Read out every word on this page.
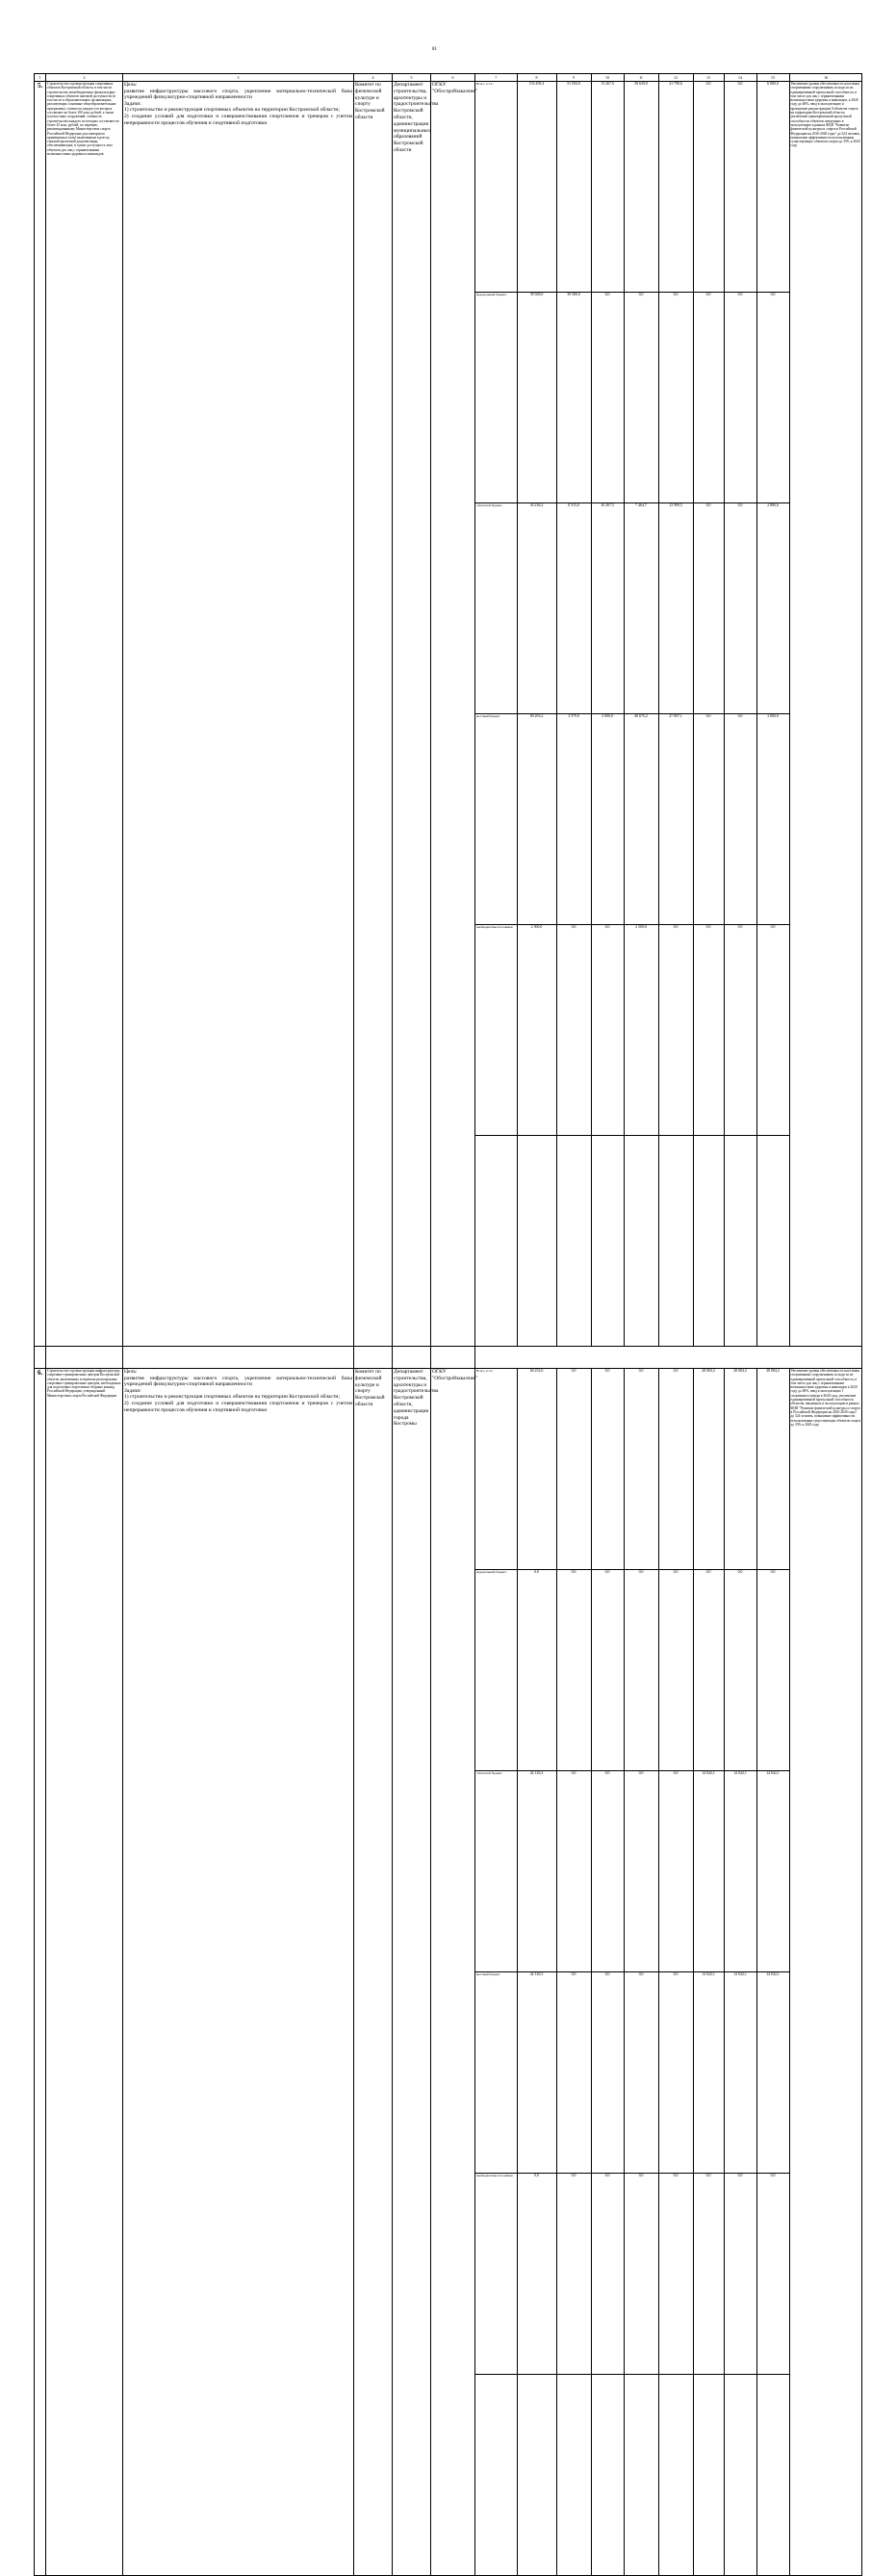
81
1	2	3	4	5	6		7	8	9	10	11	12	13	14	15	16

5.	Строительство и реконструкция спортивных объектов Костромской области, в том числе строительство малобюджетных физкультурно-спортивных объектов шаговой доступности (в том числе в образовательных организациях, реализующих основные общеобразовательные программы), стоимость каждого из которых составляет не более 100 млн. рублей, а также плоскостных сооружений, стоимость строительства каждого из которых составляет не более 25 млн. рублей, по перечню, рекомендованному Министерством спорта Российской Федерации для повторного применения и (или) включенным в реестр типовой проектной документации, обеспечивающих, в сумме доступность этих объектов для лиц с ограниченными возможностями здоровья и инвалидов	
Цель:
развитие инфраструктуры массового спорта, укрепление материально-технической базы учреждений физкультурно-спортивной направленности
Задачи:
1) строительство и реконструкция спортивных объектов на территории Костромской области;
2) создание условий для подготовки и совершенствования спортсменов и тренеров с учетом непрерывности процессов обучения и спортивной подготовки
	Комитет по физической культуре и спорту Костромской области	Департамент строительства, архитектуры и градостроительства Костромской области, администрации муниципальных образований Костромской области	ОГКУ "Облстройзаказчик"	
Всего, в т.ч.:	155 459,4	51 594,9	13 267,5	50 639,9	41 790,6	0,0	0,0	6 000,0	Увеличение уровня обеспеченности населения спортивными сооружениями, исходя из их единовременной пропускной способности, в том числе для лиц с ограниченными возможностями здоровья и инвалидов, к 2020 году до 48%, ввод в эксплуатацию и проведение реконструкции 9 объектов спорта на территории Костромской области, увеличение единовременной пропускной способности объектов, введенных в эксплуатацию в рамках ФЦП "Развитие физической культуры и спорта в Российской Федерации на 2016-2020 годы" до 324 человек, повышение эффективности использования существующих объектов спорта до 35% к 2020 году
федеральный бюджет	39 500,0	39 500,0	0,0	0,0	0,0	0,0	0,0	0,0
областной бюджет	43 236,2	8 515,0	10 267,5	7 464,7	13 989,5	0,0	0,0	2 880,0
местный бюджет	90 203,2	3 579,9	3 000,0	40 675,2	27 807,1	0,0	0,0	3 000,0
внебюджетные источники	2 500,0	0,0	0,0	2 500,0	0,0	0,0	0,0	0,0

6.	Строительство и реконструкция инфраструктуры спортивно-тренировочных центров Костромской области, включенных в перечень региональных спортивно-тренировочных центров, необходимых для подготовки спортсменов сборных команд Российской Федерации, утвержденный Министерством спорта Российской Федерации	
Цель:
развитие инфраструктуры массового спорта, укрепление материально-технической базы учреждений физкультурно-спортивной направленности
Задачи:
1) строительство и реконструкция спортивных объектов на территории Костромской области;
2) создание условий для подготовки и совершенствования спортсменов и тренеров с учетом непрерывности процессов обучения и спортивной подготовки
	Комитет по физической культуре и спорту Костромской области	Департамент строительства, архитектуры и градостроительства Костромской области, администрация города Костромы	ОГКУ "Облстройзаказчик"	
Всего, в т.ч.:	84 252,6	0,0	0,0	0,0	0,0	28 084,2	28 084,2	28 084,2	Увеличение уровня обеспеченности населения спортивными сооружениями, исходя из их единовременной пропускной способности, в том числе для лиц с ограниченными возможностями здоровья и инвалидов к 2020 году до 48%, ввод в эксплуатацию 1 спортивного центра в 2020 году, увеличение единовременной пропускной способности объектов, введенных в эксплуатацию в рамках ФЦП "Развитие физической культуры и спорта в Российской Федерации на 2016-2020 годы", до 324 человек, повышение эффективности использования существующих объектов спорта до 35% к 2020 году
федеральный бюджет	0,0	0,0	0,0	0,0	0,0	0,0	0,0	0,0
областной бюджет	42 126,3	0,0	0,0	0,0	0,0	14 042,1	14 042,1	14 042,1
местный бюджет	42 126,3	0,0	0,0	0,0	0,0	14 042,1	14 042,1	14 042,1
внебюджетные источники	0,0	0,0	0,0	0,0	0,0	0,0	0,0	0,0
